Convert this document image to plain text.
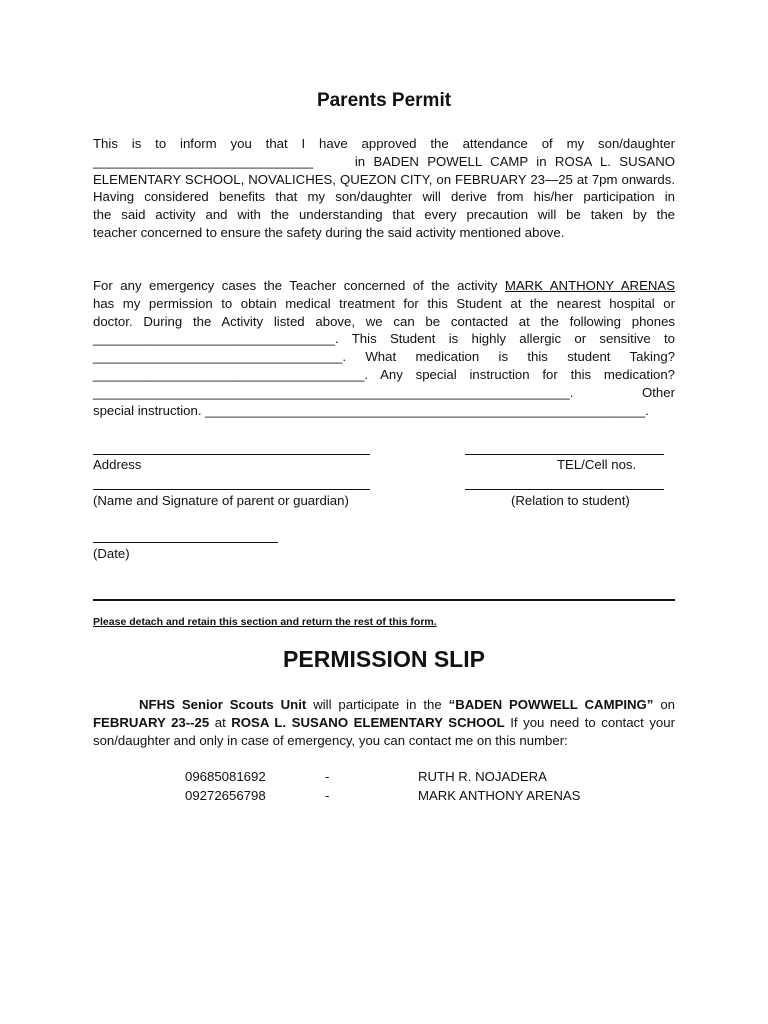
Parents Permit
This is to inform you that I have approved the attendance of my son/daughter
______________________________     in BADEN POWELL CAMP in ROSA L. SUSANO
ELEMENTARY SCHOOL, NOVALICHES, QUEZON CITY, on FEBRUARY 23—25 at 7pm onwards.
Having considered benefits that my son/daughter will derive from his/her participation in
the said activity and with the understanding that every precaution will be taken by the
teacher concerned to ensure the safety during the said activity mentioned above.
For any emergency cases the Teacher concerned of the activity MARK ANTHONY ARENAS
has my permission to obtain medical treatment for this Student at the nearest hospital or
doctor. During the Activity listed above, we can be contacted at the following phones
_________________________________. This Student is highly allergic or sensitive to
__________________________________. What medication is this student Taking?
_____________________________________. Any special instruction for this medication?
_________________________________________________________________.       Other
special instruction. ____________________________________________________________.
Address	TEL/Cell nos.
(Name and Signature of parent or guardian)	(Relation to student)
(Date)
Please detach and retain this section and return the rest of this form.
PERMISSION SLIP
NFHS Senior Scouts Unit will participate in the “BADEN POWWELL CAMPING” on
FEBRUARY 23--25 at ROSA L. SUSANO ELEMENTARY SCHOOL If you need to contact your
son/daughter and only in case of emergency, you can contact me on this number:
09685081692	-	RUTH R. NOJADERA
09272656798	-	MARK ANTHONY ARENAS
